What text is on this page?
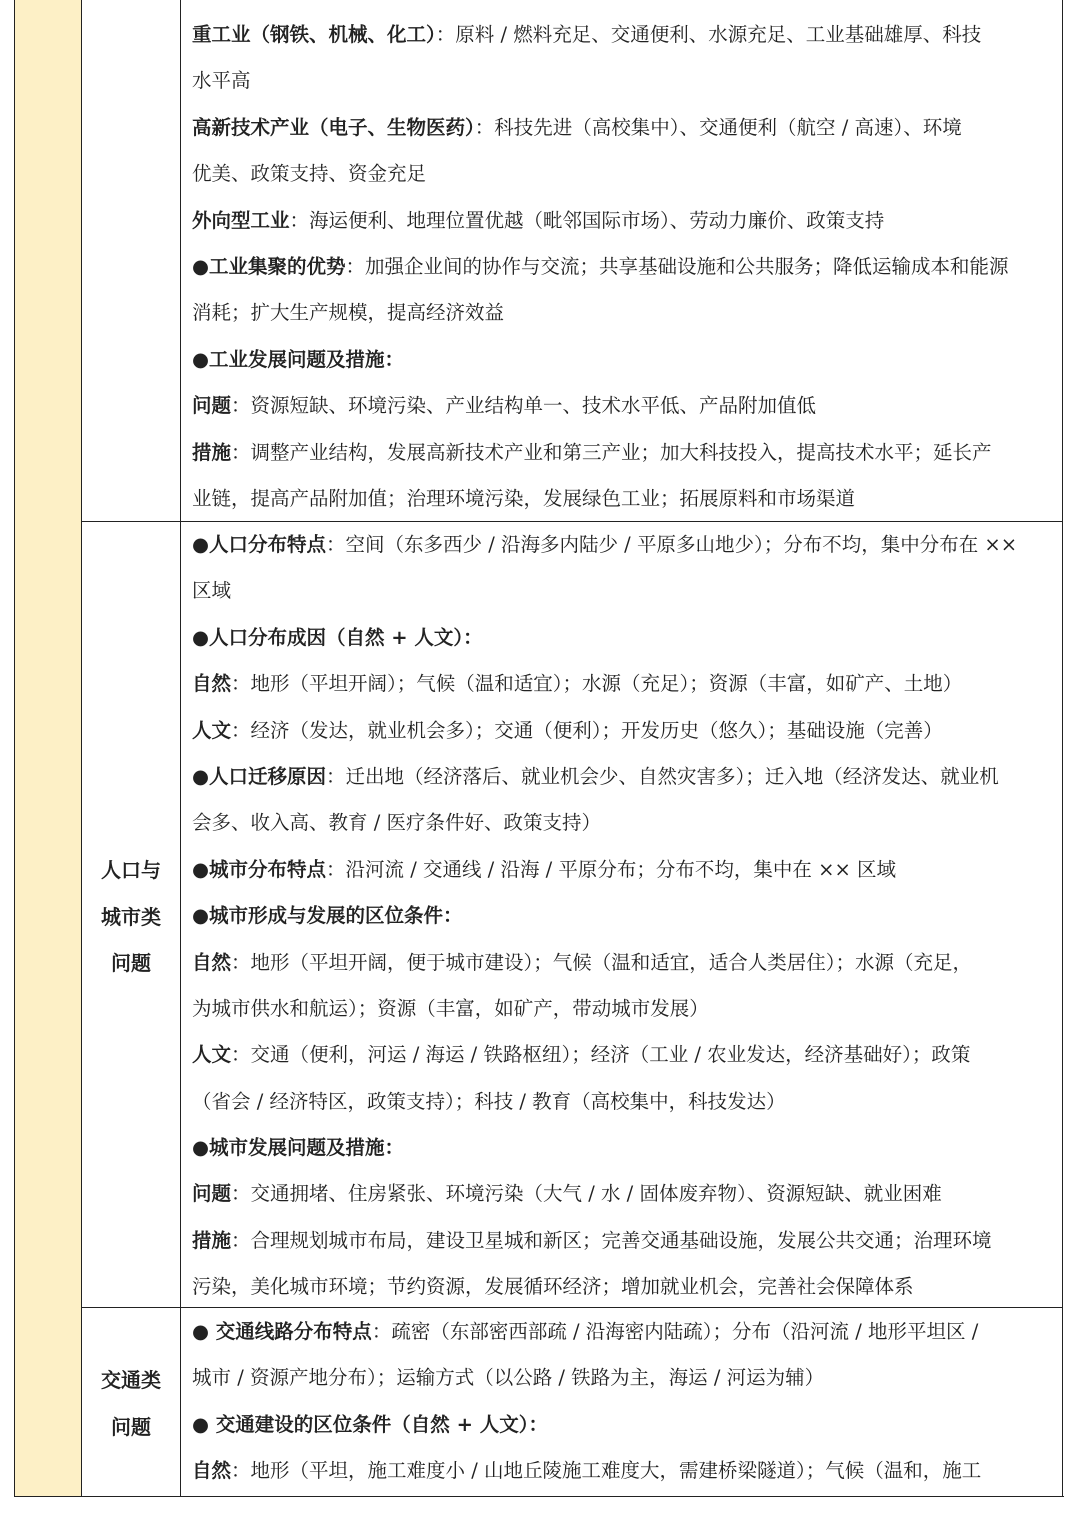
重工业（钢铁、机械、化工）：原料 / 燃料充足、交通便利、水源充足、工业基础雄厚、科技
水平高
高新技术产业（电子、生物医药）：科技先进（高校集中）、交通便利（航空 / 高速）、环境
优美、政策支持、资金充足
外向型工业：海运便利、地理位置优越（毗邻国际市场）、劳动力廉价、政策支持
●工业集聚的优势：加强企业间的协作与交流；共享基础设施和公共服务；降低运输成本和能源
消耗；扩大生产规模，提高经济效益
●工业发展问题及措施：
问题：资源短缺、环境污染、产业结构单一、技术水平低、产品附加值低
措施：调整产业结构，发展高新技术产业和第三产业；加大科技投入，提高技术水平；延长产
业链，提高产品附加值；治理环境污染，发展绿色工业；拓展原料和市场渠道
人口与
城市类
问题
●人口分布特点：空间（东多西少 / 沿海多内陆少 / 平原多山地少）；分布不均，集中分布在 ××
区域
●人口分布成因（自然 + 人文）：
自然：地形（平坦开阔）；气候（温和适宜）；水源（充足）；资源（丰富，如矿产、土地）
人文：经济（发达，就业机会多）；交通（便利）；开发历史（悠久）；基础设施（完善）
●人口迁移原因：迁出地（经济落后、就业机会少、自然灾害多）；迁入地（经济发达、就业机
会多、收入高、教育 / 医疗条件好、政策支持）
●城市分布特点：沿河流 / 交通线 / 沿海 / 平原分布；分布不均，集中在 ×× 区域
●城市形成与发展的区位条件：
自然：地形（平坦开阔，便于城市建设）；气候（温和适宜，适合人类居住）；水源（充足，
为城市供水和航运）；资源（丰富，如矿产，带动城市发展）
人文：交通（便利，河运 / 海运 / 铁路枢纽）；经济（工业 / 农业发达，经济基础好）；政策
（省会 / 经济特区，政策支持）；科技 / 教育（高校集中，科技发达）
●城市发展问题及措施：
问题：交通拥堵、住房紧张、环境污染（大气 / 水 / 固体废弃物）、资源短缺、就业困难
措施：合理规划城市布局，建设卫星城和新区；完善交通基础设施，发展公共交通；治理环境
污染，美化城市环境；节约资源，发展循环经济；增加就业机会，完善社会保障体系
交通类
问题
● 交通线路分布特点：疏密（东部密西部疏 / 沿海密内陆疏）；分布（沿河流 / 地形平坦区 /
城市 / 资源产地分布）；运输方式（以公路 / 铁路为主，海运 / 河运为辅）
● 交通建设的区位条件（自然 + 人文）：
自然：地形（平坦，施工难度小 / 山地丘陵施工难度大，需建桥梁隧道）；气候（温和，施工
